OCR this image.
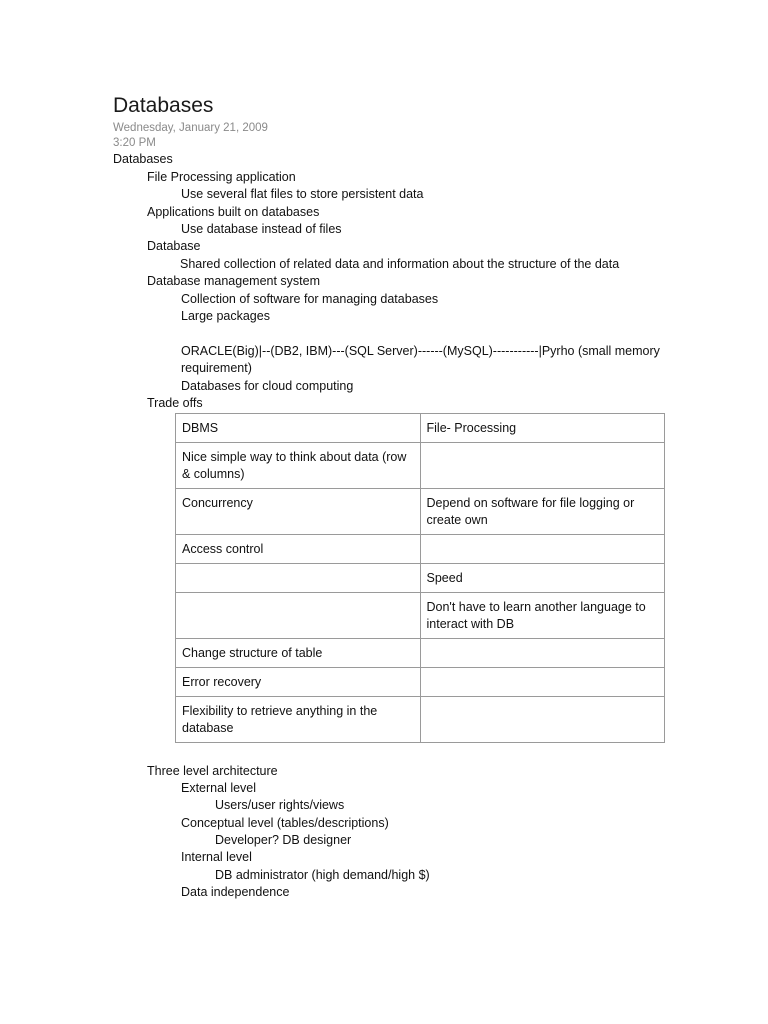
Databases
Wednesday, January 21, 2009
3:20 PM
Databases
File Processing application
Use several flat files to store persistent data
Applications built on databases
Use database instead of files
Database
Shared collection of related data and information about the structure of the data
Database management system
Collection of software for managing databases
Large packages
ORACLE(Big)|--(DB2, IBM)---(SQL Server)------(MySQL)-----------|Pyrho (small memory requirement)
Databases for cloud computing
Trade offs
DBMS	File- Processing
Nice simple way to think about data (row & columns)	
Concurrency	Depend on software for file logging or create own
Access control	
	Speed
	Don't have to learn another language to interact with DB
Change structure of table	
Error recovery	
Flexibility to retrieve anything in the database	
Three level architecture
External level
Users/user rights/views
Conceptual level (tables/descriptions)
Developer? DB designer
Internal level
DB administrator (high demand/high $)
Data independence
